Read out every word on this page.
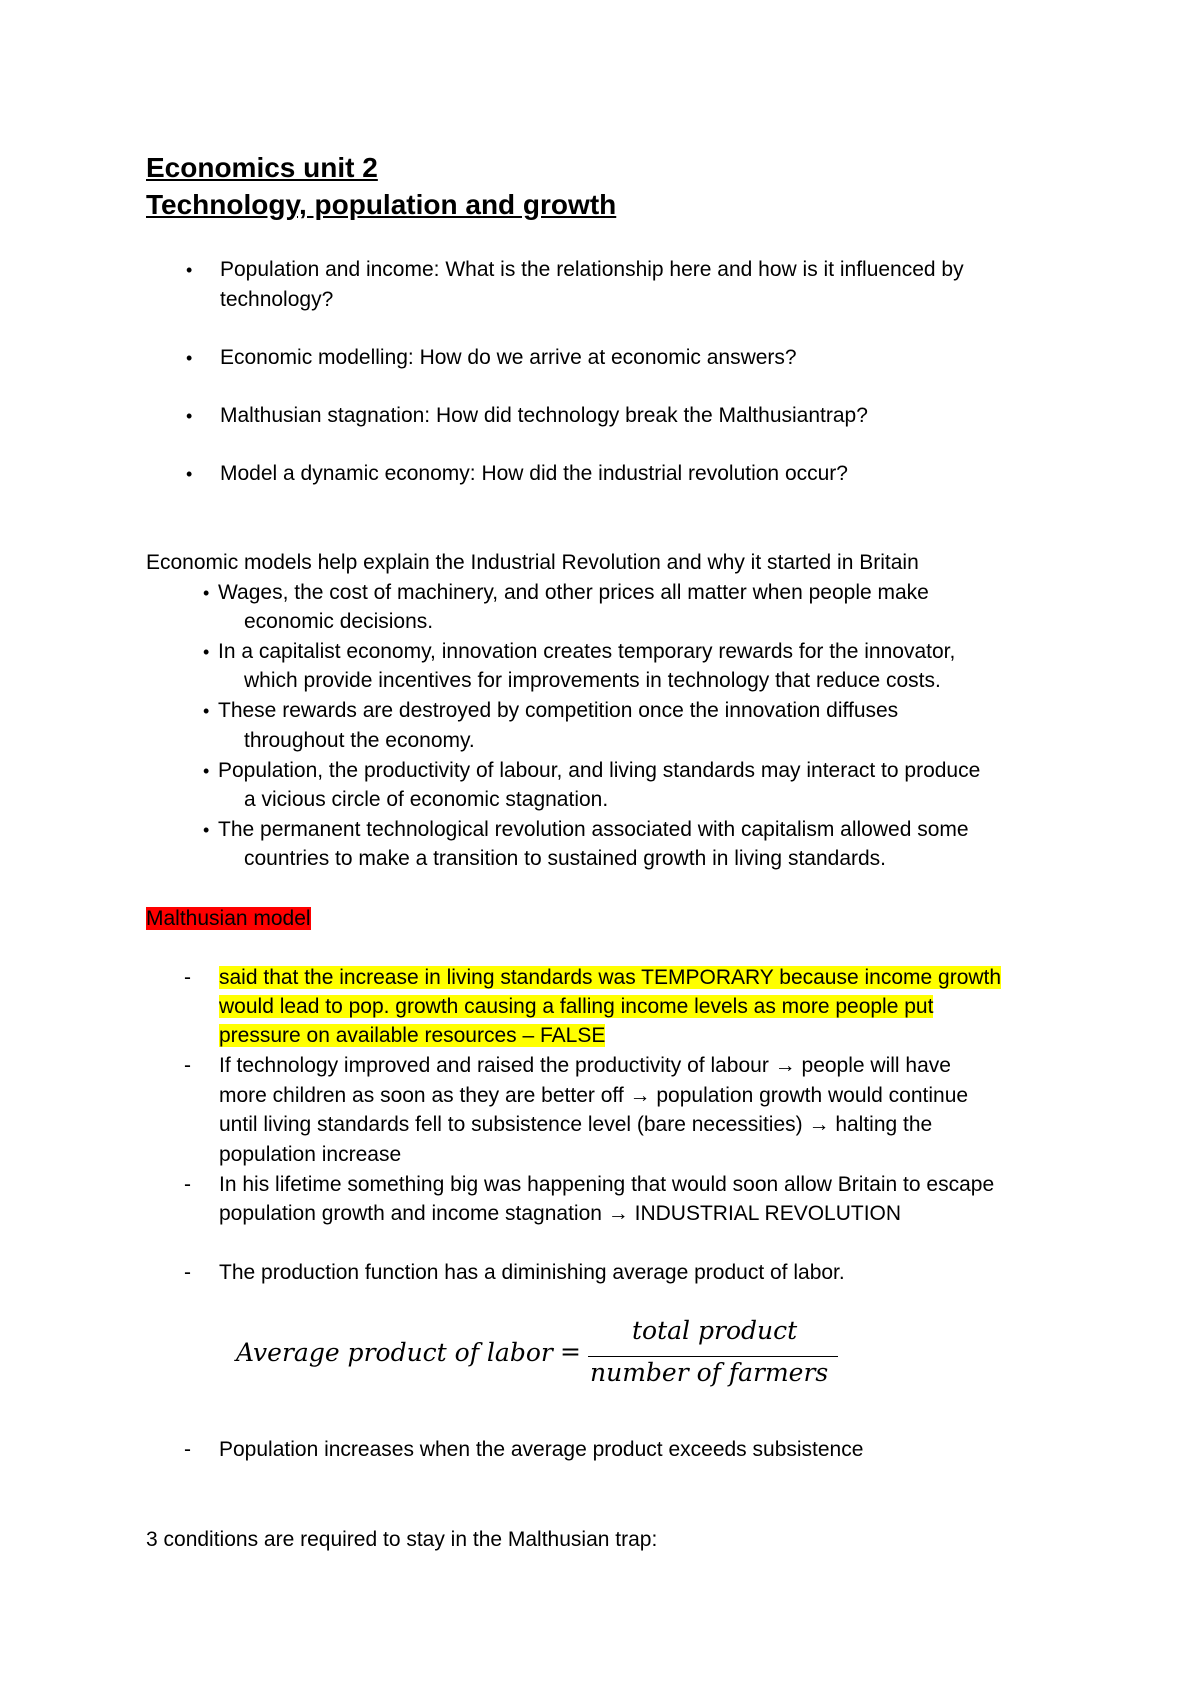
Economics unit 2
Technology, population and growth
• Population and income: What is the relationship here and how is it influenced by
technology?
• Economic modelling: How do we arrive at economic answers?
• Malthusian stagnation: How did technology break the Malthusiantrap?
• Model a dynamic economy: How did the industrial revolution occur?
Economic models help explain the Industrial Revolution and why it started in Britain
• Wages, the cost of machinery, and other prices all matter when people make
economic decisions.
• In a capitalist economy, innovation creates temporary rewards for the innovator,
which provide incentives for improvements in technology that reduce costs.
• These rewards are destroyed by competition once the innovation diffuses
throughout the economy.
• Population, the productivity of labour, and living standards may interact to produce
a vicious circle of economic stagnation.
• The permanent technological revolution associated with capitalism allowed some
countries to make a transition to sustained growth in living standards.
Malthusian model
- said that the increase in living standards was TEMPORARY because income growth
would lead to pop. growth causing a falling income levels as more people put
pressure on available resources – FALSE
- If technology improved and raised the productivity of labour → people will have
more children as soon as they are better off → population growth would continue
until living standards fell to subsistence level (bare necessities) → halting the
population increase
- In his lifetime something big was happening that would soon allow Britain to escape
population growth and income stagnation → INDUSTRIAL REVOLUTION
- The production function has a diminishing average product of labor.
Average product of labor =
total product
number of farmers
- Population increases when the average product exceeds subsistence
3 conditions are required to stay in the Malthusian trap:
